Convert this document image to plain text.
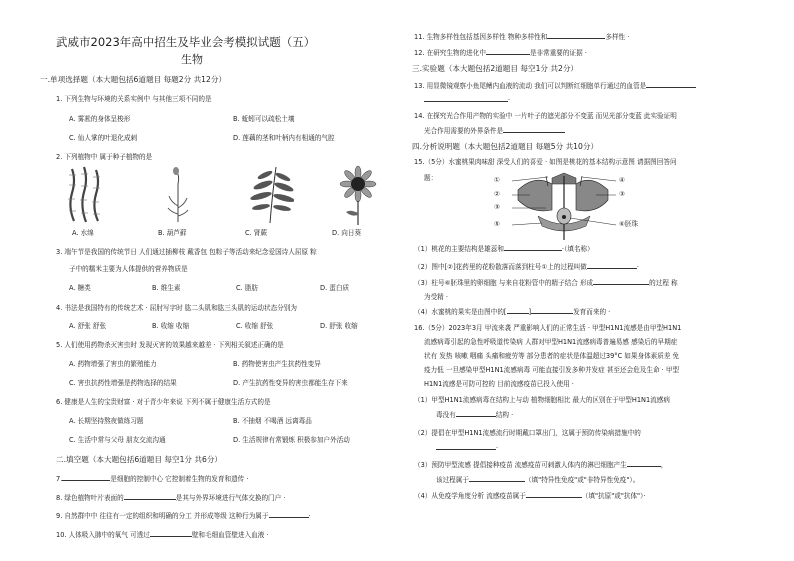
武威市2023年高中招生及毕业会考模拟试题（五）
生物
一.单项选择题（本大题包括6道题目 每题2分 共12分）
1. 下列生物与环境的关系实例中 与其他三项不同的是
A. 雾凇的身体呈梭形	B. 蚯蚓可以疏松土壤
C. 仙人掌的叶退化成刺	D. 莲藕的茎和叶柄内有相通的气腔
2. 下列植物中 属于种子植物的是
A. 水绵	B. 葫芦藓	C. 肾蕨	D. 向日葵
3. 端午节是我国的传统节日 人们通过插柳枝 戴香包 包粽子等活动来纪念爱国诗人屈原 粽
子中的糯米主要为人体提供的营养物质是
A. 糖类	B. 维生素	C. 脂肪	D. 蛋白质
4. 书法是我国特有的传统艺术 · 屈肘写字时 肱二头肌和肱三头肌的运动状态分别为
A. 舒张 舒张	B. 收缩 收缩	C. 收缩 舒张	D. 舒张 收缩
5. 人们使用药物杀灭害虫时 发现灭害的效果越来越差 · 下列相关叙述正确的是
A. 药物增强了害虫的繁殖能力	B. 药物使害虫产生抗药性变异
C. 害虫抗药性增强是药物选择的结果	D. 产生抗药性变异的害虫都能生存下来
6. 健康是人生的宝贵财富 · 对于青少年来说 下列不属于健康生活方式的是
A. 长期坚持熬夜做练习题	B. 不抽烟 不喝酒 远离毒品
C. 生活中常与父母 朋友交流沟通	D. 生活规律有常锻炼 积极参加户外活动
二.填空题（本大题包括6道题目 每空1分 共6分）
7.	是细胞的控制中心 它控制着生物的发育和遗传 ·
8. 绿色植物叶片表面的	是其与外界环境进行气体交换的门户 ·
9. 自然群中中 往往有一定的组织和明确的分工 并形成等级 这种行为属于	·
10. 人体吸入肺中的氧气 可透过	壁和毛细血管壁进入血液 ·
11. 生物多样性包括基因多样性 物种多样性和	多样性 ·
12. 在研究生物的进化中	是非常重要的证据 ·
三.实验题（本大题包括2道题目 每空1分 共2分）
13. 用显微镜观察小鱼尾鳍内血液的流动 我们可以判断红细胞单行通过的血管是
·
14. 在探究光合作用产物的实验中 一片叶子的遮光部分不变蓝 而见光部分变蓝 此实验证明
光合作用需要的外界条件是
四.分析说明题（本大题包括2道题目 每题5分 共10分）
15.（5分）水蜜桃果肉味甜 深受人们的喜爱 · 如图是桃花的基本结构示意图 请据图回答问
题：	①
②
③
⑤
④
③
⑥胚珠
（1）桃花的主要结构是雄蕊和	·（填名称）
（2）图中[②]花药里的花粉散落而落到柱号①上的过程叫做	·
（3）柱号⑥胚珠里的卵细胞 与来自花粉管中的精子结合 形成	的过程 称
为受精 ·
（4）水蜜桃的果实是由图中的[	]	发育而来的 ·
16.（5分）2023年3月 甲流来袭 严重影响人们的正常生活 · 甲型H1N1流感是由甲型H1N1
流感病毒引起的急性呼吸道传染病 人群对甲型H1N1流感病毒普遍易感 感染后的早期症
状有 发热 咳嗽 咽痛 头痛和疲劳等 部分患者的症状是体温超过39°C 如果身体素质差 免
疫力低 一旦感染甲型H1N1流感病毒 可能直接引发多种并发症 甚至还会危及生命 · 甲型
H1N1流感是可防可控的 目前流感疫苗已投入使用 ·
（1）甲型H1N1流感病毒在结构上与动 植物细胞相比 最大的区别在于甲型H1N1流感病
毒没有	结构 ·
（2）提倡在甲型H1N1流感流行时期戴口罩出门，这属于预防传染病措施中的
·
（3）预防甲型流感 提倡接种疫苗 流感疫苗可刺激人体内的淋巴细胞产生	，
该过程属于	（填"特异性免疫"或"非特异性免疫"）。
（4）从免疫学角度分析 流感疫苗属于	（填"抗原"或"抗体"）·
